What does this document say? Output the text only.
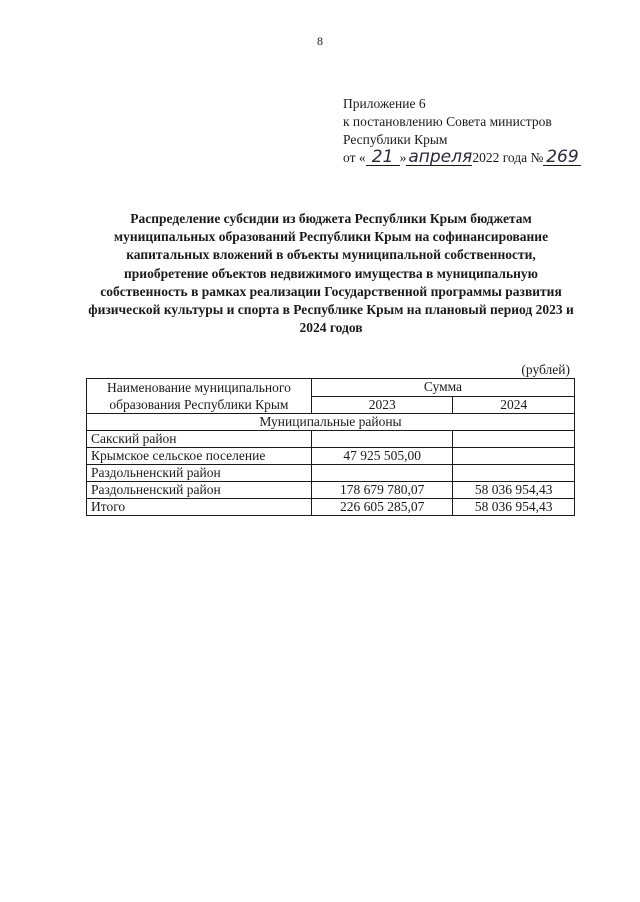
8
Приложение 6
к постановлению Совета министров
Республики Крым
от « 21 » апреля 2022 года № 269
Распределение субсидии из бюджета Республики Крым бюджетам муниципальных образований Республики Крым на софинансирование капитальных вложений в объекты муниципальной собственности, приобретение объектов недвижимого имущества в муниципальную собственность в рамках реализации Государственной программы развития физической культуры и спорта в Республике Крым на плановый период 2023 и 2024 годов
(рублей)
Наименование муниципального образования Республики Крым	Сумма	
	2023	2024
Муниципальные районы		
Сакский район		
Крымское сельское поселение	47 925 505,00	
Раздольненский район		
Раздольненский район	178 679 780,07	58 036 954,43
Итого	226 605 285,07	58 036 954,43
